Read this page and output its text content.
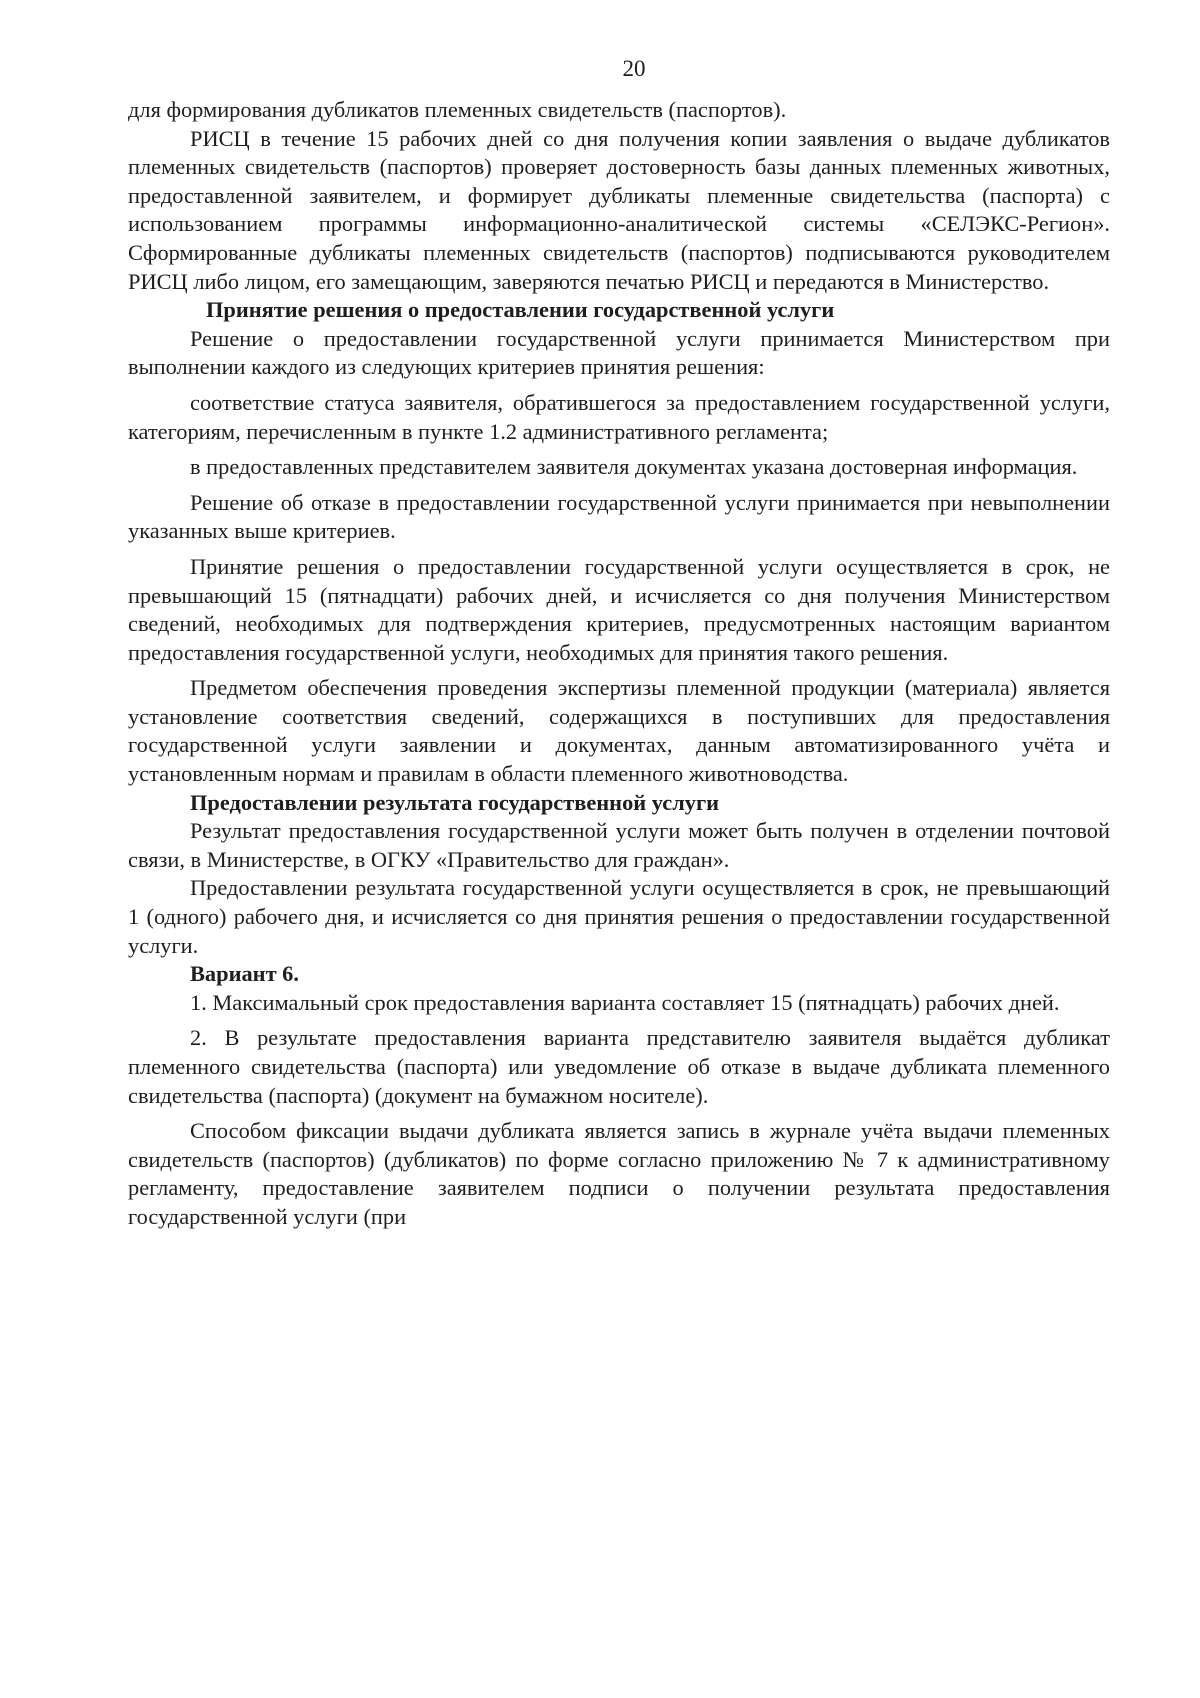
20

для формирования дубликатов племенных свидетельств (паспортов).

РИСЦ в течение 15 рабочих дней со дня получения копии заявления о выдаче дубликатов племенных свидетельств (паспортов) проверяет достоверность базы данных племенных животных, предоставленной заявителем, и формирует дубликаты племенные свидетельства (паспорта) с использованием программы информационно-аналитической системы «СЕЛЭКС-Регион». Сформированные дубликаты племенных свидетельств (паспортов) подписываются руководителем РИСЦ либо лицом, его замещающим, заверяются печатью РИСЦ и передаются в Министерство.

Принятие решения о предоставлении государственной услуги

Решение о предоставлении государственной услуги принимается Министерством при выполнении каждого из следующих критериев принятия решения:

соответствие статуса заявителя, обратившегося за предоставлением государственной услуги, категориям, перечисленным в пункте 1.2 административного регламента;

в предоставленных представителем заявителя документах указана достоверная информация.

Решение об отказе в предоставлении государственной услуги принимается при невыполнении указанных выше критериев.

Принятие решения о предоставлении государственной услуги осуществляется в срок, не превышающий 15 (пятнадцати) рабочих дней, и исчисляется со дня получения Министерством сведений, необходимых для подтверждения критериев, предусмотренных настоящим вариантом предоставления государственной услуги, необходимых для принятия такого решения.

Предметом обеспечения проведения экспертизы племенной продукции (материала) является установление соответствия сведений, содержащихся в поступивших для предоставления государственной услуги заявлении и документах, данным автоматизированного учёта и установленным нормам и правилам в области племенного животноводства.

Предоставлении результата государственной услуги

Результат предоставления государственной услуги может быть получен в отделении почтовой связи, в Министерстве, в ОГКУ «Правительство для граждан».

Предоставлении результата государственной услуги осуществляется в срок, не превышающий 1 (одного) рабочего дня, и исчисляется со дня принятия решения о предоставлении государственной услуги.

Вариант 6.

1. Максимальный срок предоставления варианта составляет 15 (пятнадцать) рабочих дней.

2. В результате предоставления варианта представителю заявителя выдаётся дубликат племенного свидетельства (паспорта) или уведомление об отказе в выдаче дубликата племенного свидетельства (паспорта) (документ на бумажном носителе).

Способом фиксации выдачи дубликата является запись в журнале учёта выдачи племенных свидетельств (паспортов) (дубликатов) по форме согласно приложению № 7 к административному регламенту, предоставление заявителем подписи о получении результата предоставления государственной услуги (при
